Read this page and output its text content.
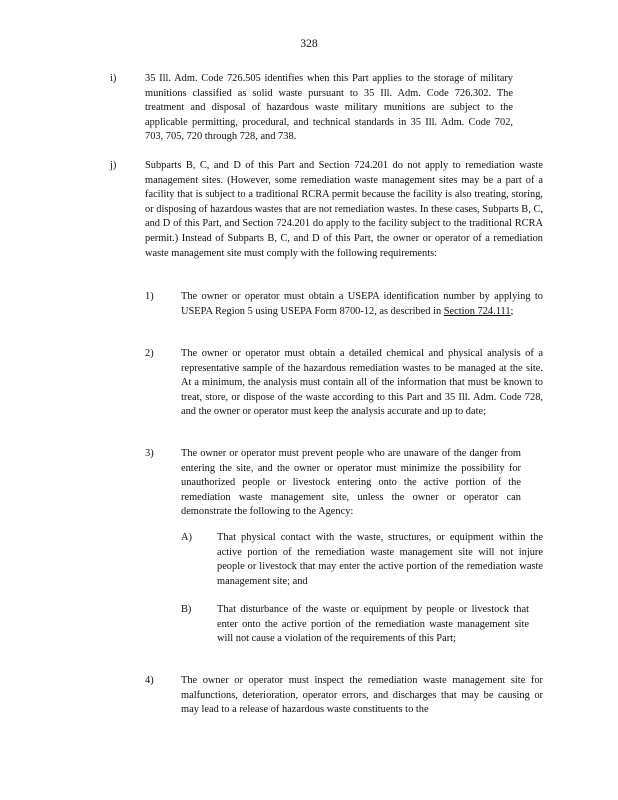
328
i)	35 Ill. Adm. Code 726.505 identifies when this Part applies to the storage of military munitions classified as solid waste pursuant to 35 Ill. Adm. Code 726.302. The treatment and disposal of hazardous waste military munitions are subject to the applicable permitting, procedural, and technical standards in 35 Ill. Adm. Code 702, 703, 705, 720 through 728, and 738.
j)	Subparts B, C, and D of this Part and Section 724.201 do not apply to remediation waste management sites. (However, some remediation waste management sites may be a part of a facility that is subject to a traditional RCRA permit because the facility is also treating, storing, or disposing of hazardous wastes that are not remediation wastes. In these cases, Subparts B, C, and D of this Part, and Section 724.201 do apply to the facility subject to the traditional RCRA permit.) Instead of Subparts B, C, and D of this Part, the owner or operator of a remediation waste management site must comply with the following requirements:
1)	The owner or operator must obtain a USEPA identification number by applying to USEPA Region 5 using USEPA Form 8700-12, as described in Section 724.111;
2)	The owner or operator must obtain a detailed chemical and physical analysis of a representative sample of the hazardous remediation wastes to be managed at the site. At a minimum, the analysis must contain all of the information that must be known to treat, store, or dispose of the waste according to this Part and 35 Ill. Adm. Code 728, and the owner or operator must keep the analysis accurate and up to date;
3)	The owner or operator must prevent people who are unaware of the danger from entering the site, and the owner or operator must minimize the possibility for unauthorized people or livestock entering onto the active portion of the remediation waste management site, unless the owner or operator can demonstrate the following to the Agency:
A) That physical contact with the waste, structures, or equipment within the active portion of the remediation waste management site will not injure people or livestock that may enter the active portion of the remediation waste management site; and
B) That disturbance of the waste or equipment by people or livestock that enter onto the active portion of the remediation waste management site will not cause a violation of the requirements of this Part;
4)	The owner or operator must inspect the remediation waste management site for malfunctions, deterioration, operator errors, and discharges that may be causing or may lead to a release of hazardous waste constituents to the
